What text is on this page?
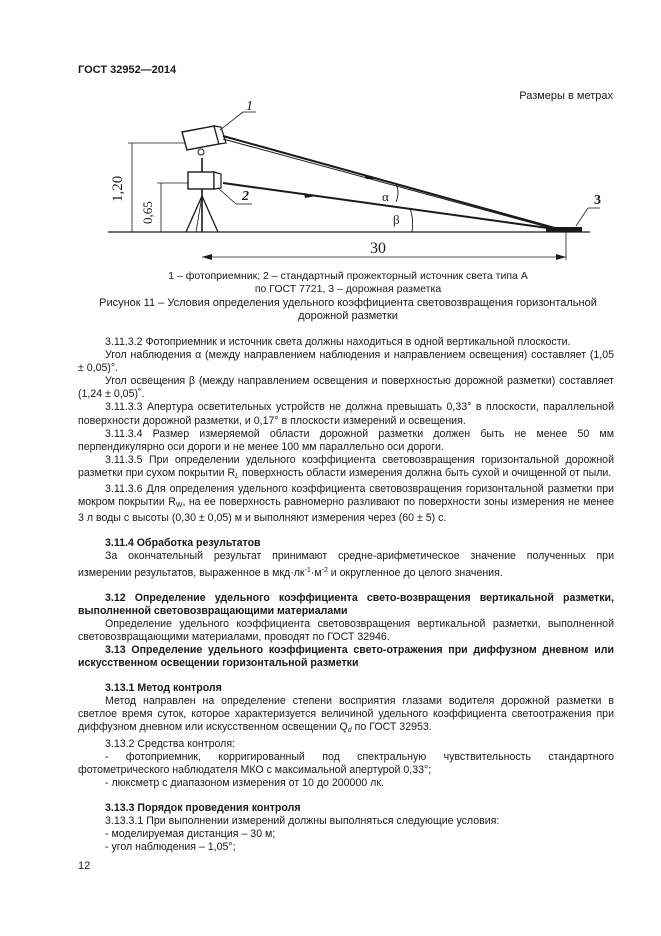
ГОСТ 32952—2014
Размеры в метрах
1
2	3
1,20
0,65
30
α
β
1 – фотоприемник; 2 – стандартный прожекторный источник света типа А
по ГОСТ 7721, 3 – дорожная разметка
Рисунок 11 – Условия определения удельного коэффициента световозвращения горизонтальной
дорожной разметки

3.11.3.2 Фотоприемник и источник света должны находиться в одной вертикальной плоскости.

Угол наблюдения α (между направлением наблюдения и направлением освещения) составляет (1,05 ± 0,05)°.

Угол освещения β (между направлением освещения и поверхностью дорожной разметки) составляет (1,24 ± 0,05)˚.

3.11.3.3 Апертура осветительных устройств не должна превышать 0,33° в плоскости, параллельной поверхности дорожной разметки, и 0,17° в плоскости измерений и освещения.

3.11.3.4 Размер измеряемой области дорожной разметки должен быть не менее 50 мм перпендикулярно оси дороги и не менее 100 мм параллельно оси дороги.

3.11.3.5 При определении удельного коэффициента световозвращения горизонтальной дорожной разметки при сухом покрытии $R_L$ поверхность области измерения должна быть сухой и очищенной от пыли.

3.11.3.6 Для определения удельного коэффициента световозвращения горизонтальной разметки при мокром покрытии $R_W$, на ее поверхность равномерно разливают по поверхности зоны измерения не менее 3 л воды с высоты (0,30 ± 0,05) м и выполняют измерения через (60 ± 5) с.

3.11.4 Обработка результатов

За окончательный результат принимают средне-арифметическое значение полученных при измерении результатов, выраженное в $мкд\cdot лк^{-1}\cdot м^{-2}$ и округленное до целого значения.

3.12 Определение удельного коэффициента свето-возвращения вертикальной разметки, выполненной световозвращающими материалами

Определение удельного коэффициента световозвращения вертикальной разметки, выполненной световозвращающими материалами, проводят по ГОСТ 32946.

3.13 Определение удельного коэффициента свето-отражения при диффузном дневном или искусственном освещении горизонтальной разметки

3.13.1 Метод контроля

Метод направлен на определение степени восприятия глазами водителя дорожной разметки в светлое время суток, которое характеризуется величиной удельного коэффициента светоотражения при диффузном дневном или искусственном освещении $Q_d$ по ГОСТ 32953.

3.13.2 Средства контроля:

- фотоприемник, корригированный под спектральную чувствительность стандартного фотометрического наблюдателя МКО с максимальной апертурой 0,33°;

- люксметр с диапазоном измерения от 10 до 200000 лк.

3.13.3 Порядок проведения контроля

3.13.3.1 При выполнении измерений должны выполняться следующие условия:

- моделируемая дистанция – 30 м;

- угол наблюдения – 1,05°;

12
